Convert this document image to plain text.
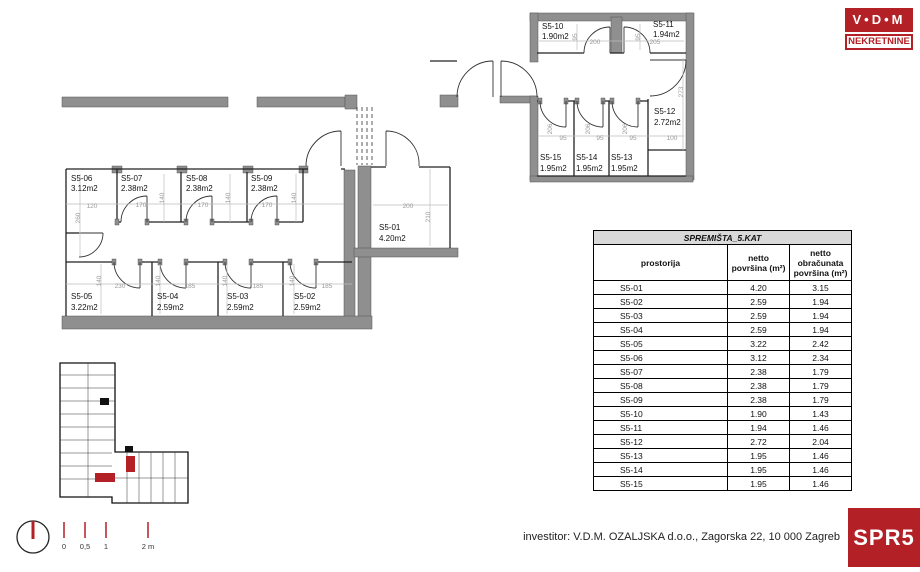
120
260
170	170	170
140	140	140
140
230
140
185
140
185
140
185
200
210
200	205
95	95
273
206	206	206
95	95	95	100
S5-06
3.12m2
S5-07
2.38m2
S5-08
2.38m2
S5-09
2.38m2
S5-05
3.22m2
S5-04
2.59m2
S5-03
2.59m2
S5-02
2.59m2
S5-01
4.20m2
S5-10
1.90m2
S5-11
1.94m2
S5-12
2.72m2
S5-15
1.95m2
S5-14
1.95m2
S5-13
1.95m2
0 0,5 1	2 m
V•D•M
NEKRETNINE
SPREMIŠTA_5.KAT		
prostorija	netto površina (m²)	netto obračunata površina (m²)
S5-01	4.20	3.15
S5-02	2.59	1.94
S5-03	2.59	1.94
S5-04	2.59	1.94
S5-05	3.22	2.42
S5-06	3.12	2.34
S5-07	2.38	1.79
S5-08	2.38	1.79
S5-09	2.38	1.79
S5-10	1.90	1.43
S5-11	1.94	1.46
S5-12	2.72	2.04
S5-13	1.95	1.46
S5-14	1.95	1.46
S5-15	1.95	1.46
investitor: V.D.M. OZALJSKA d.o.o., Zagorska 22, 10 000 Zagreb SPR5
